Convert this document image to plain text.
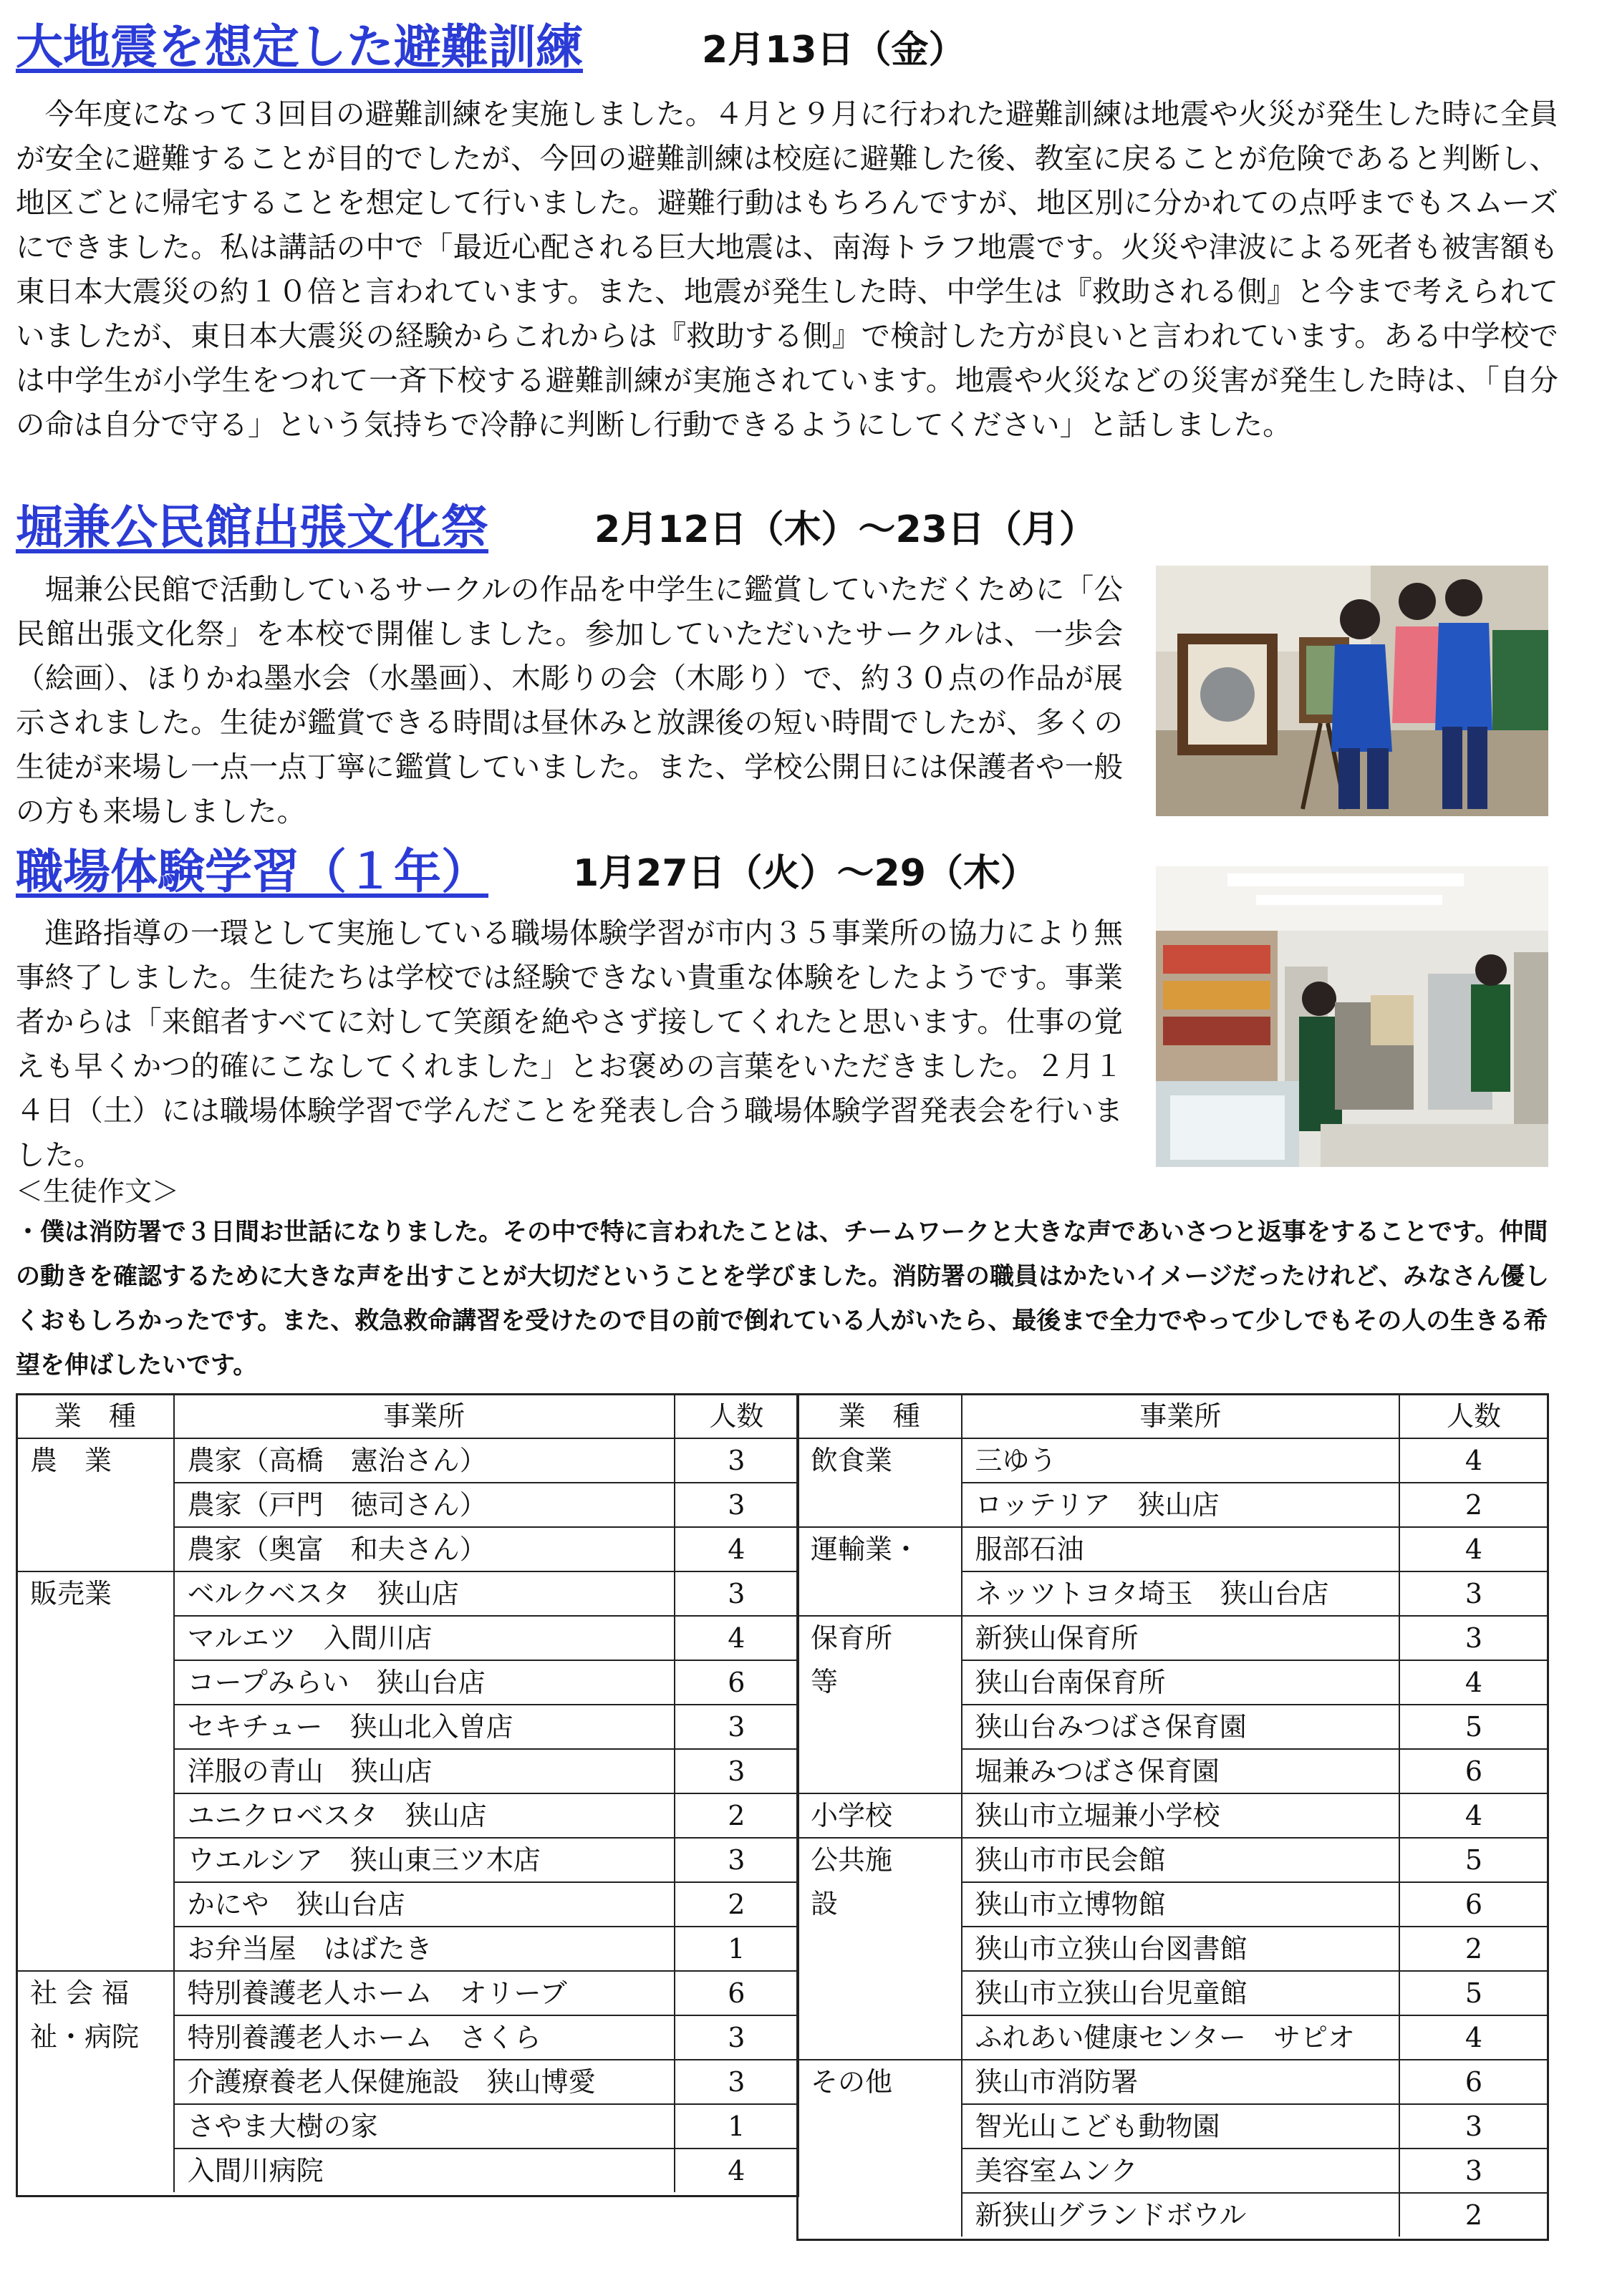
大地震を想定した避難訓練	2月13日（金）

今年度になって３回目の避難訓練を実施しました。４月と９月に行われた避難訓練は地震や火災が発生した時に全員が安全に避難することが目的でしたが、今回の避難訓練は校庭に避難した後、教室に戻ることが危険であると判断し、地区ごとに帰宅することを想定して行いました。避難行動はもちろんですが、地区別に分かれての点呼までもスムーズにできました。私は講話の中で「最近心配される巨大地震は、南海トラフ地震です。火災や津波による死者も被害額も東日本大震災の約１０倍と言われています。また、地震が発生した時、中学生は『救助される側』と今まで考えられていましたが、東日本大震災の経験からこれからは『救助する側』で検討した方が良いと言われています。ある中学校では中学生が小学生をつれて一斉下校する避難訓練が実施されています。地震や火災などの災害が発生した時は、「自分の命は自分で守る」という気持ちで冷静に判断し行動できるようにしてください」と話しました。

堀兼公民館出張文化祭	2月12日（木）～23日（月）

堀兼公民館で活動しているサークルの作品を中学生に鑑賞していただくために「公民館出張文化祭」を本校で開催しました。参加していただいたサークルは、一歩会（絵画）、ほりかね墨水会（水墨画）、木彫りの会（木彫り）で、約３０点の作品が展示されました。生徒が鑑賞できる時間は昼休みと放課後の短い時間でしたが、多くの生徒が来場し一点一点丁寧に鑑賞していました。また、学校公開日には保護者や一般の方も来場しました。

職場体験学習（１年） 1月27日（火）～29（木）

進路指導の一環として実施している職場体験学習が市内３５事業所の協力により無事終了しました。生徒たちは学校では経験できない貴重な体験をしたようです。事業者からは「来館者すべてに対して笑顔を絶やさず接してくれたと思います。仕事の覚えも早くかつ的確にこなしてくれました」とお褒めの言葉をいただきました。２月１４日（土）には職場体験学習で学んだことを発表し合う職場体験学習発表会を行いました。

＜生徒作文＞

・僕は消防署で３日間お世話になりました。その中で特に言われたことは、チームワークと大きな声であいさつと返事をすることです。仲間の動きを確認するために大きな声を出すことが大切だということを学びました。消防署の職員はかたいイメージだったけれど、みなさん優しくおもしろかったです。また、救急救命講習を受けたので目の前で倒れている人がいたら、最後まで全力でやって少しでもその人の生きる希望を伸ばしたいです。

業　種	事業所	人数
農　業	農家（高橋　憲治さん）	3
	農家（戸門　徳司さん）	3
	農家（奥富　和夫さん）	4
販売業	ベルクベスタ　狭山店	3
	マルエツ　入間川店	4
	コープみらい　狭山台店	6
	セキチュー　狭山北入曽店	3
	洋服の青山　狭山店	3
	ユニクロベスタ　狭山店	2
	ウエルシア　狭山東三ツ木店	3
	かにや　狭山台店	2
	お弁当屋　はばたき	1
社 会 福	特別養護老人ホーム　オリーブ	6
祉・病院	特別養護老人ホーム　さくら	3
	介護療養老人保健施設　狭山博愛	3
	さやま大樹の家	1
	入間川病院	4
業　種	事業所	人数
飲食業	三ゆう	4
	ロッテリア　狭山店	2
運輸業・	服部石油	4
	ネッツトヨタ埼玉　狭山台店	3
保育所	新狭山保育所	3
等	狭山台南保育所	4
	狭山台みつばさ保育園	5
	堀兼みつばさ保育園	6
小学校	狭山市立堀兼小学校	4
公共施	狭山市市民会館	5
設	狭山市立博物館	6
	狭山市立狭山台図書館	2
	狭山市立狭山台児童館	5
	ふれあい健康センター　サピオ	4
その他	狭山市消防署	6
	智光山こども動物園	3
	美容室ムンク	3
	新狭山グランドボウル	2
